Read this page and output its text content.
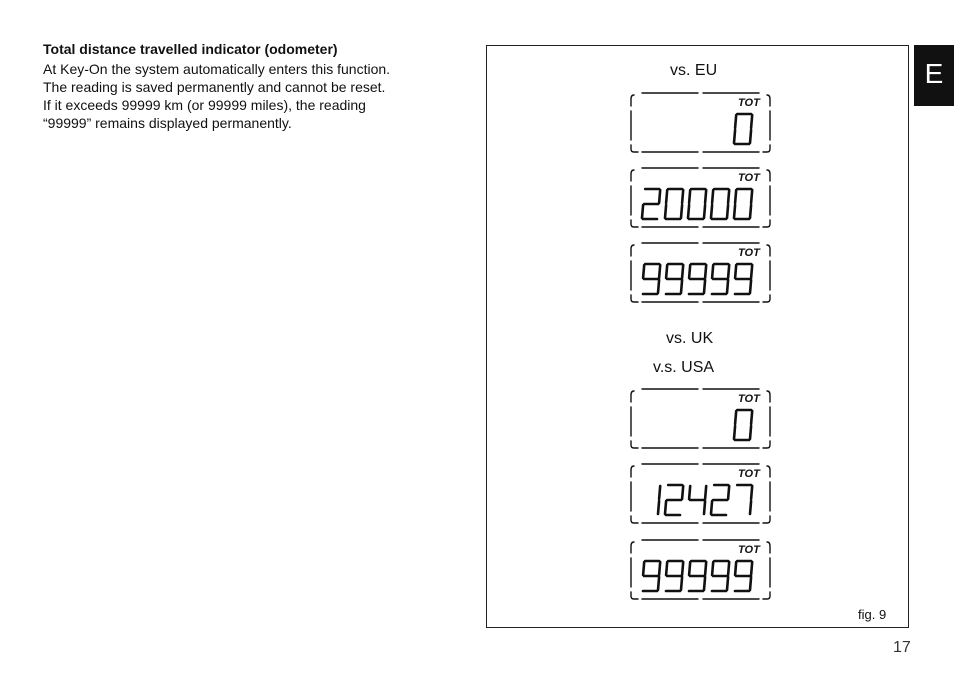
Total distance travelled indicator (odometer)
At Key-On the system automatically enters this function.
The reading is saved permanently and cannot be reset.
If it exceeds 99999 km (or 99999 miles), the reading
“99999” remains displayed permanently.
E
vs. EU
vs. UK
v.s. USA
TOT
TOT
TOT
TOT
TOT
TOT
fig. 9
17
